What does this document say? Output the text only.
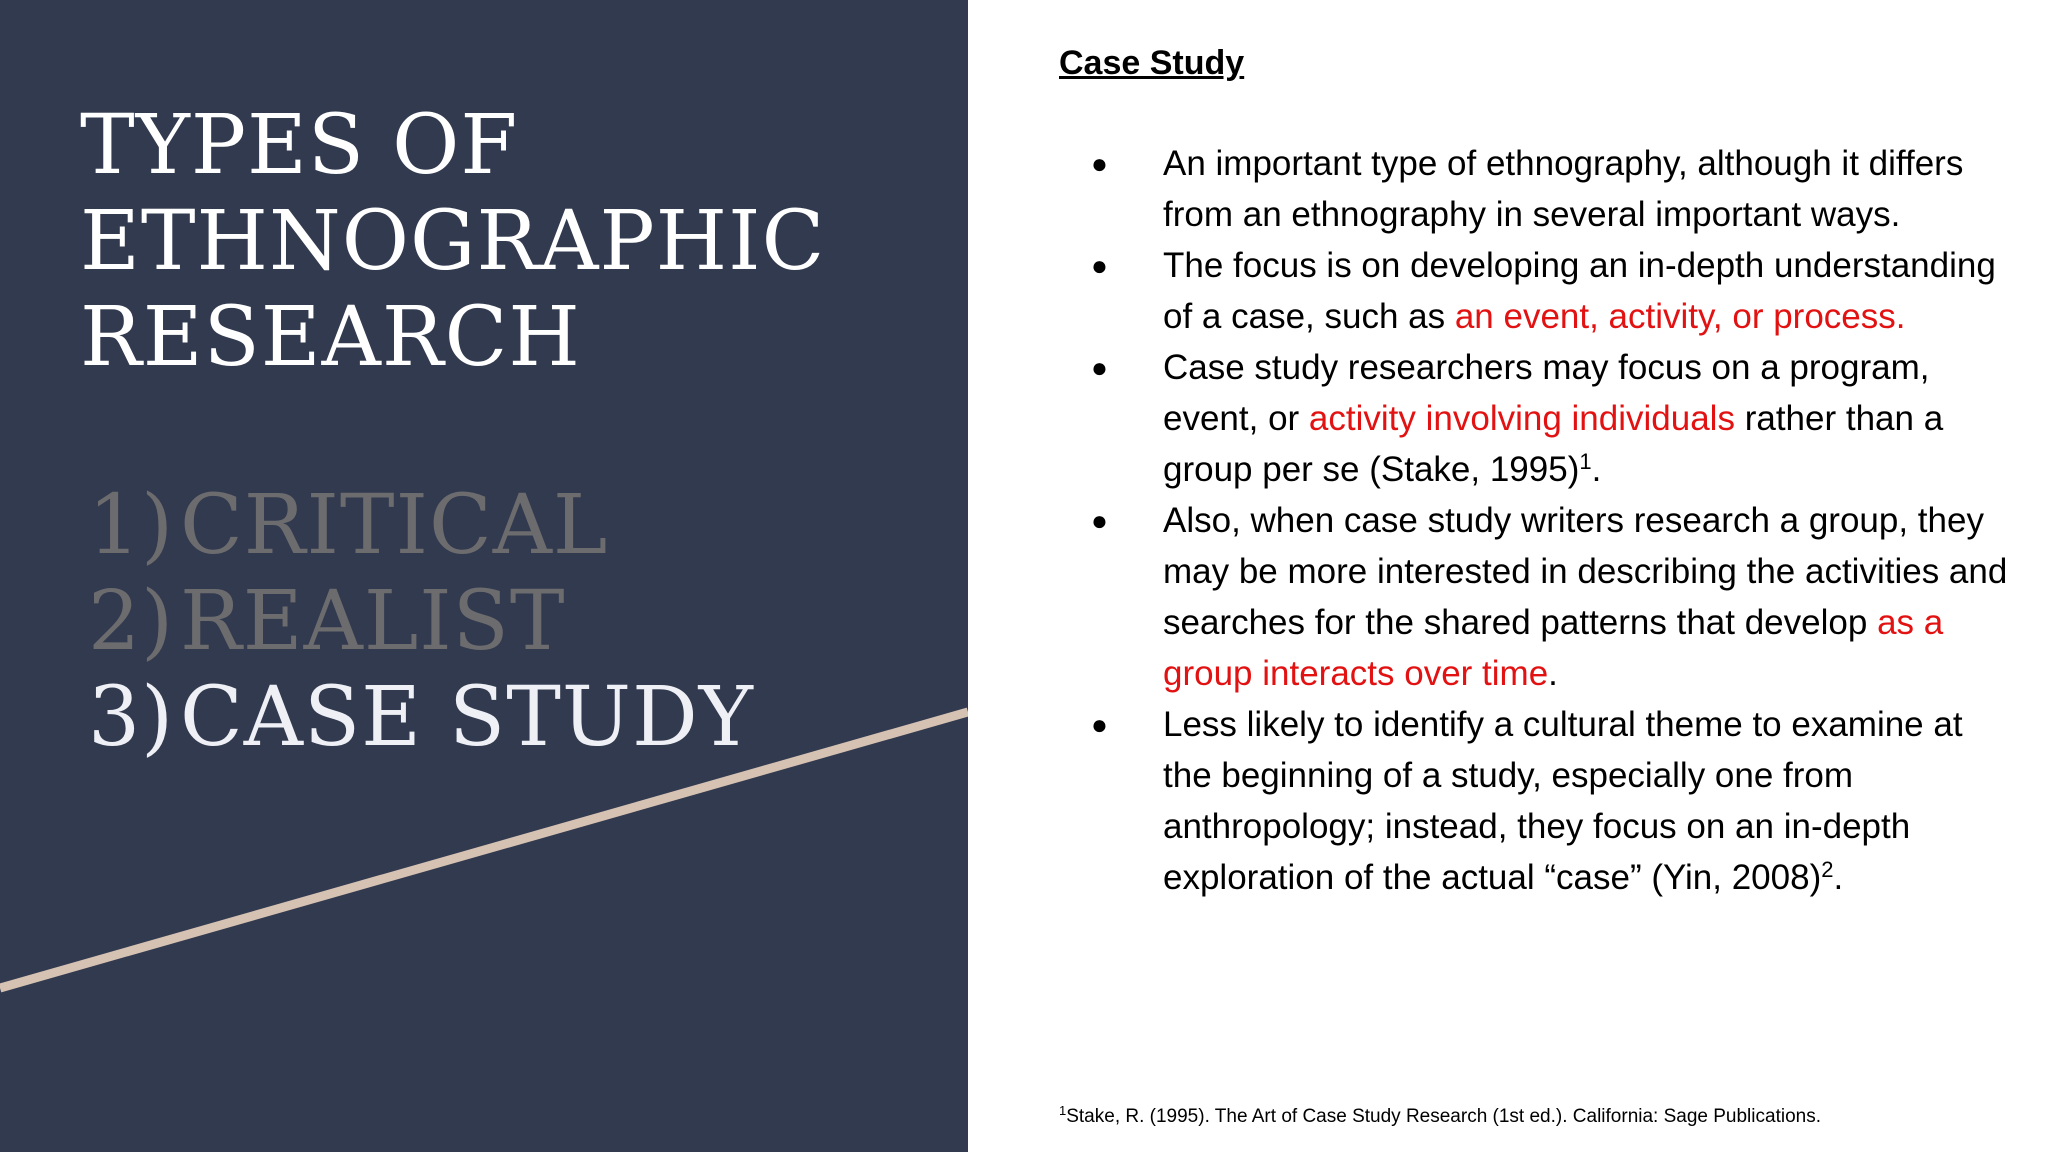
TYPES OF
ETHNOGRAPHIC
RESEARCH
1) CRITICAL
2) REALIST
3) CASE STUDY
Case Study
● An important type of ethnography, although it differs from an ethnography in several important ways.
● The focus is on developing an in-depth understanding of a case, such as an event, activity, or process.
● Case study researchers may focus on a program, event, or activity involving individuals rather than a group per se (Stake, 1995)$^1$.
● Also, when case study writers research a group, they may be more interested in describing the activities and searches for the shared patterns that develop as a group interacts over time.
● Less likely to identify a cultural theme to examine at the beginning of a study, especially one from anthropology; instead, they focus on an in-depth exploration of the actual “case” (Yin, 2008)$^2$.
$^1$Stake, R. (1995). The Art of Case Study Research (1st ed.). California: Sage Publications.
